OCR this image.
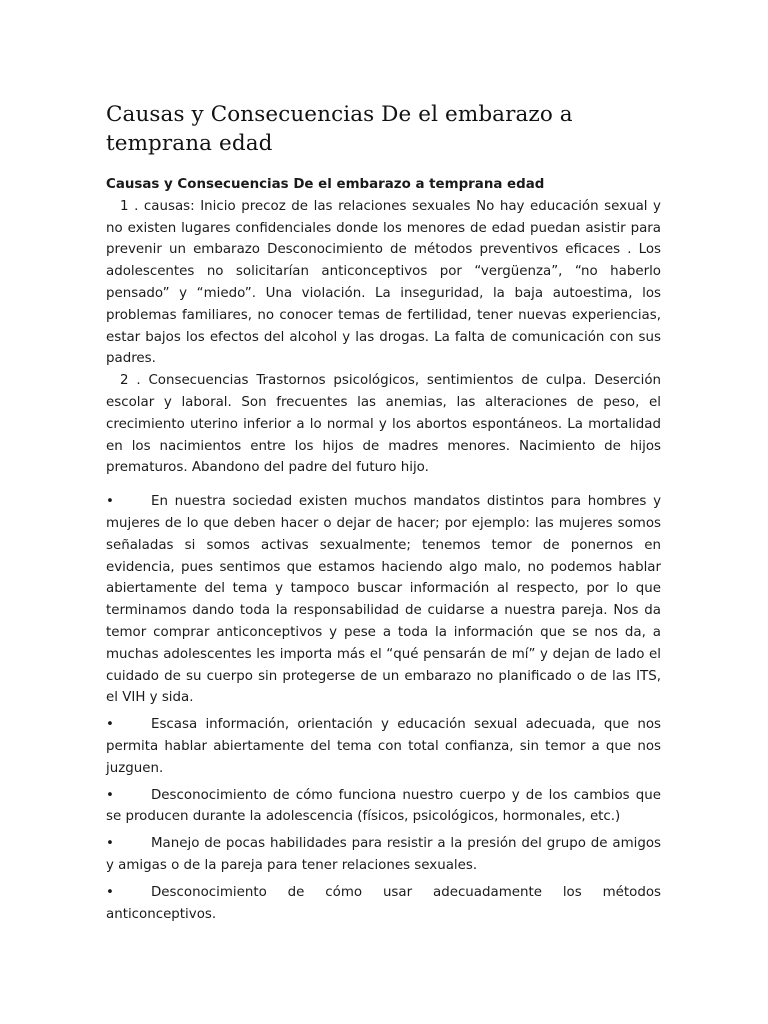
Causas y Consecuencias De el embarazo a temprana edad

Causas y Consecuencias De el embarazo a temprana edad

1 . causas: Inicio precoz de las relaciones sexuales No hay educación sexual y no existen lugares confidenciales donde los menores de edad puedan asistir para prevenir un embarazo Desconocimiento de métodos preventivos eficaces . Los adolescentes no solicitarían anticonceptivos por “vergüenza”, “no haberlo pensado” y “miedo”. Una violación. La inseguridad, la baja autoestima, los problemas familiares, no conocer temas de fertilidad, tener nuevas experiencias, estar bajos los efectos del alcohol y las drogas. La falta de comunicación con sus padres.

2 . Consecuencias Trastornos psicológicos, sentimientos de culpa. Deserción escolar y laboral. Son frecuentes las anemias, las alteraciones de peso, el crecimiento uterino inferior a lo normal y los abortos espontáneos. La mortalidad en los nacimientos entre los hijos de madres menores. Nacimiento de hijos prematuros. Abandono del padre del futuro hijo.

•	En nuestra sociedad existen muchos mandatos distintos para hombres y mujeres de lo que deben hacer o dejar de hacer; por ejemplo: las mujeres somos señaladas si somos activas sexualmente; tenemos temor de ponernos en evidencia, pues sentimos que estamos haciendo algo malo, no podemos hablar abiertamente del tema y tampoco buscar información al respecto, por lo que terminamos dando toda la responsabilidad de cuidarse a nuestra pareja. Nos da temor comprar anticonceptivos y pese a toda la información que se nos da, a muchas adolescentes les importa más el “qué pensarán de mí” y dejan de lado el cuidado de su cuerpo sin protegerse de un embarazo no planificado o de las ITS, el VIH y sida.
•	Escasa información, orientación y educación sexual adecuada, que nos permita hablar abiertamente del tema con total confianza, sin temor a que nos juzguen.
•	Desconocimiento de cómo funciona nuestro cuerpo y de los cambios que se producen durante la adolescencia (físicos, psicológicos, hormonales, etc.)
•	Manejo de pocas habilidades para resistir a la presión del grupo de amigos y amigas o de la pareja para tener relaciones sexuales.
•	Desconocimiento de cómo usar adecuadamente los métodos anticonceptivos.
